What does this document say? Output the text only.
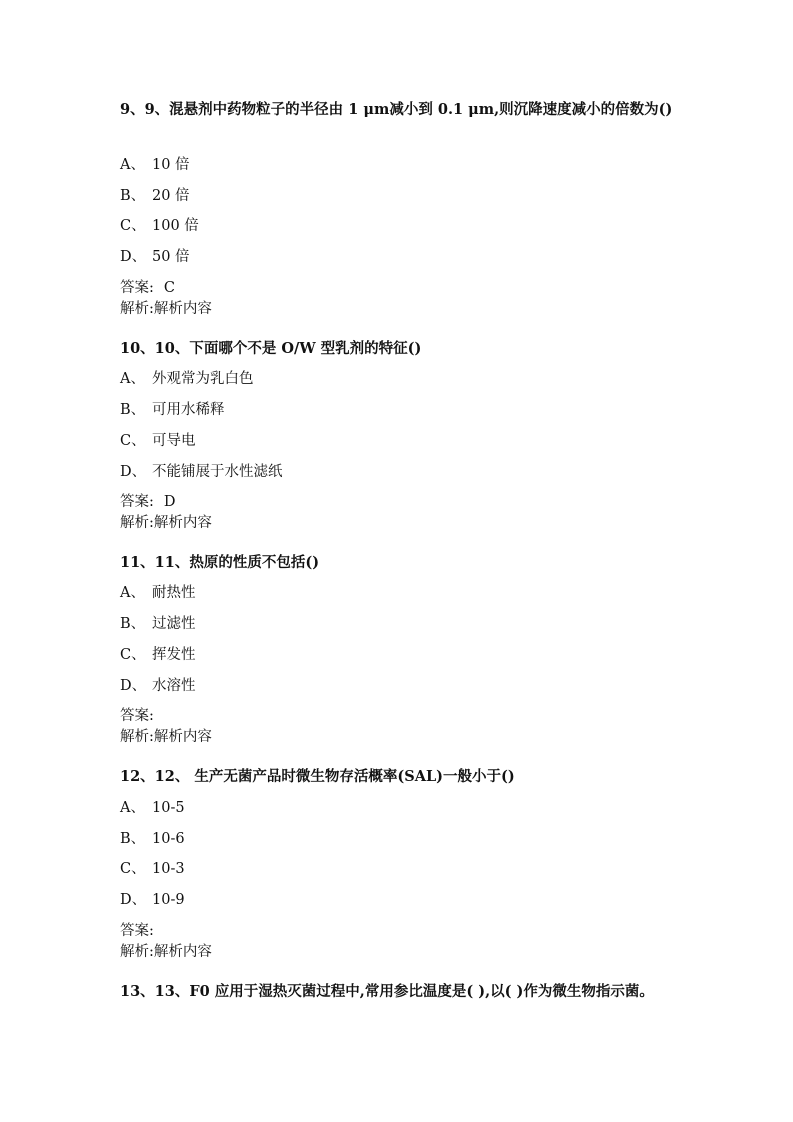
9、9、混悬剂中药物粒子的半径由 1 μm减小到 0.1 μm,则沉降速度减小的倍数为()

A、 10 倍
B、 20 倍
C、 100 倍
D、 50 倍
答案: C
解析:解析内容

10、10、下面哪个不是 O/W 型乳剂的特征()

A、 外观常为乳白色
B、 可用水稀释
C、 可导电
D、 不能铺展于水性滤纸
答案: D
解析:解析内容

11、11、热原的性质不包括()

A、 耐热性
B、 过滤性
C、 挥发性
D、 水溶性
答案:
解析:解析内容

12、12、 生产无菌产品时微生物存活概率(SAL)一般小于()

A、 10-5
B、 10-6
C、 10-3
D、 10-9
答案:
解析:解析内容

13、13、F0 应用于湿热灭菌过程中,常用参比温度是( ),以( )作为微生物指示菌。
